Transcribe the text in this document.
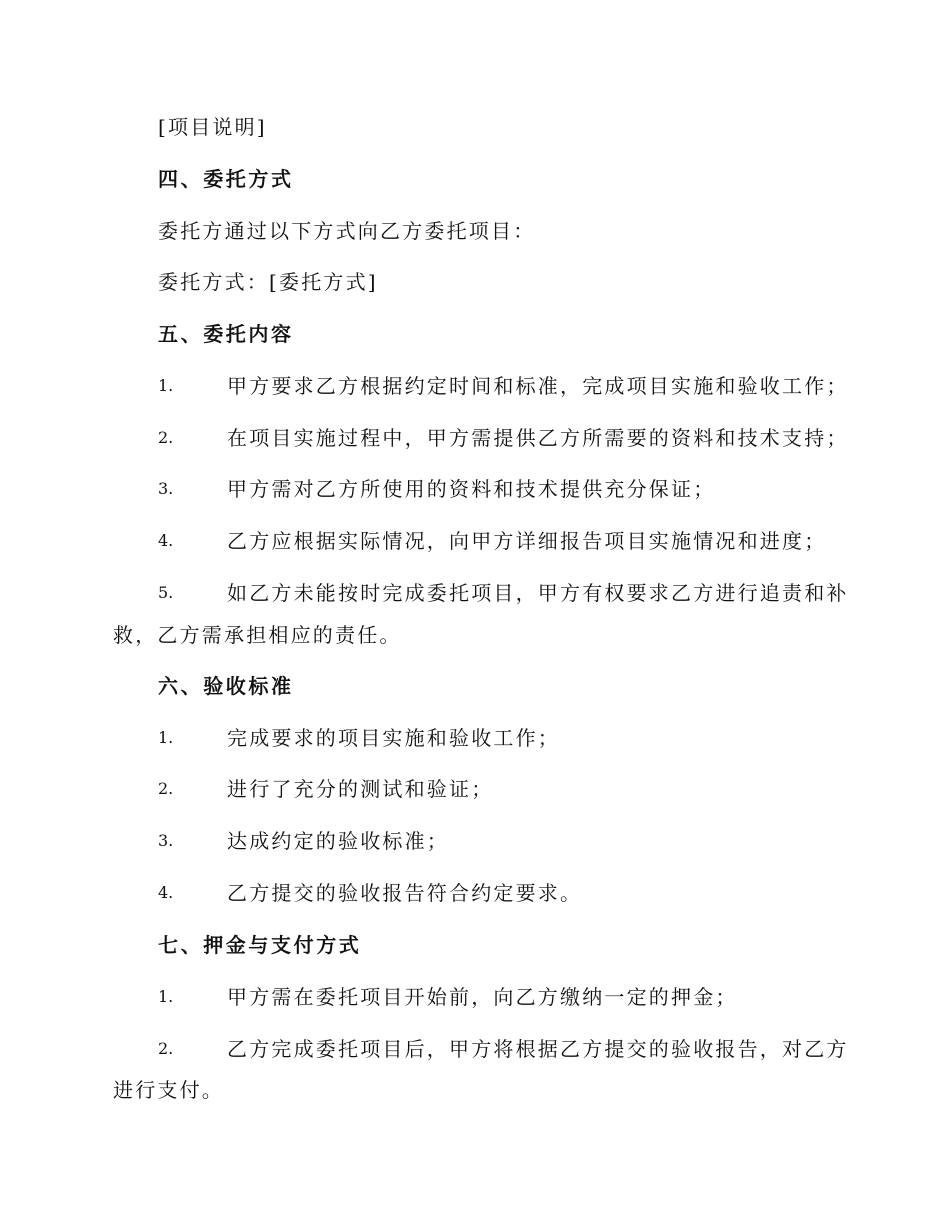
[项目说明]
四、委托方式
委托方通过以下方式向乙方委托项目：
委托方式：[委托方式]
五、委托内容
1.	甲方要求乙方根据约定时间和标准，完成项目实施和验收工作；
2.	在项目实施过程中，甲方需提供乙方所需要的资料和技术支持；
3.	甲方需对乙方所使用的资料和技术提供充分保证；
4.	乙方应根据实际情况，向甲方详细报告项目实施情况和进度；
5.	如乙方未能按时完成委托项目，甲方有权要求乙方进行追责和补
救，乙方需承担相应的责任。
六、验收标准
1.	完成要求的项目实施和验收工作；
2.	进行了充分的测试和验证；
3.	达成约定的验收标准；
4.	乙方提交的验收报告符合约定要求。
七、押金与支付方式
1.	甲方需在委托项目开始前，向乙方缴纳一定的押金；
2.	乙方完成委托项目后，甲方将根据乙方提交的验收报告，对乙方
进行支付。
